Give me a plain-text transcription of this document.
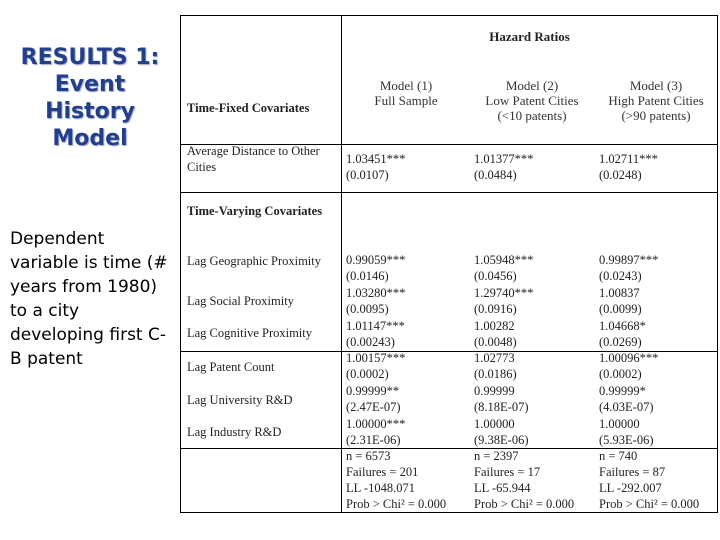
RESULTS 1:
Event
History
Model
Dependent variable is time (# years from 1980) to a city developing first C-B patent
Hazard Ratios
Time-Fixed Covariates
Model (1)
Full Sample
Model (2)
Low Patent Cities
(<10 patents)
Model (3)
High Patent Cities
(>90 patents)
Average Distance to Other Cities
1.03451***
(0.0107)
1.01377***
(0.0484)
1.02711***
(0.0248)
Time-Varying Covariates
Lag Geographic Proximity	0.99059***
(0.0146)
1.05948***
(0.0456)
0.99897***
(0.0243)
Lag Social Proximity
1.03280***
(0.0095)
1.29740***
(0.0916)
1.00837
(0.0099)
Lag Cognitive Proximity	1.01147***
(0.00243)
1.00282
(0.0048)
1.04668*
(0.0269)
Lag Patent Count
1.00157***
(0.0002)
1.02773
(0.0186)
1.00096***
(0.0002)
Lag University R&D
0.99999**
(2.47E-07)
0.99999
(8.18E-07)
0.99999*
(4.03E-07)
Lag Industry R&D
1.00000***
(2.31E-06)
1.00000
(9.38E-06)
1.00000
(5.93E-06)
n = 6573
Failures = 201
LL -1048.071
Prob > Chi² = 0.000
n = 2397
Failures = 17
LL -65.944
Prob > Chi² = 0.000
n = 740
Failures = 87
LL -292.007
Prob > Chi² = 0.000
